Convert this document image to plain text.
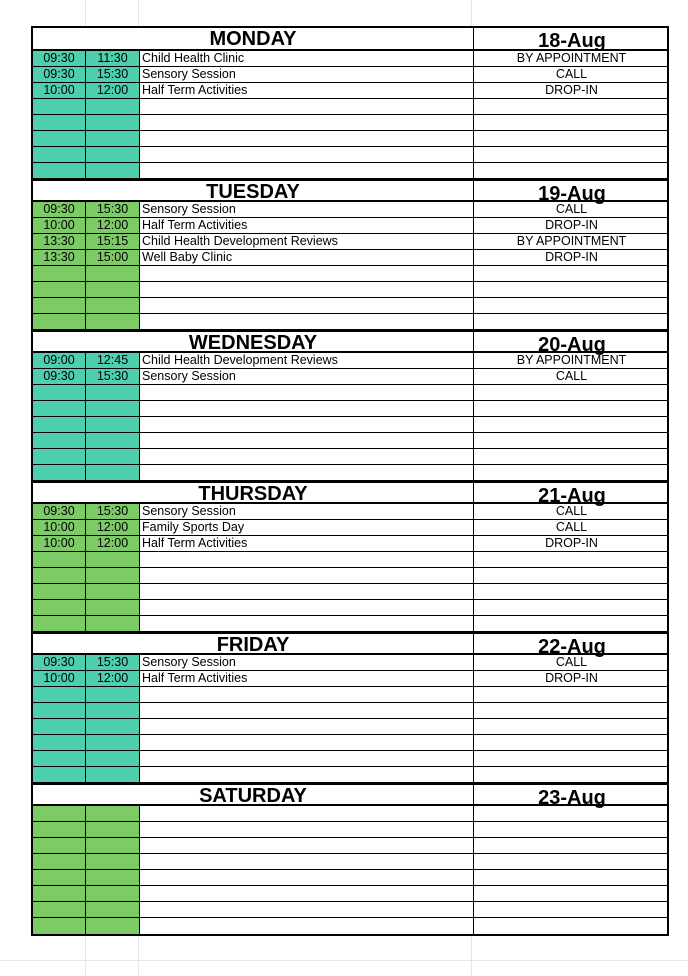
MONDAY	18-Aug
09:30	11:30	Child Health Clinic	BY APPOINTMENT
09:30	15:30	Sensory Session	CALL
10:00	12:00	Half Term Activities	DROP-IN
TUESDAY	19-Aug
09:30	15:30	Sensory Session	CALL
10:00	12:00	Half Term Activities	DROP-IN
13:30	15:15	Child Health Development Reviews	BY APPOINTMENT
13:30	15:00	Well Baby Clinic	DROP-IN
WEDNESDAY	20-Aug
09:00	12:45	Child Health Development Reviews	BY APPOINTMENT
09:30	15:30	Sensory Session	CALL
THURSDAY	21-Aug
09:30	15:30	Sensory Session	CALL
10:00	12:00	Family Sports Day	CALL
10:00	12:00	Half Term Activities	DROP-IN
FRIDAY	22-Aug
09:30	15:30	Sensory Session	CALL
10:00	12:00	Half Term Activities	DROP-IN
SATURDAY	23-Aug
